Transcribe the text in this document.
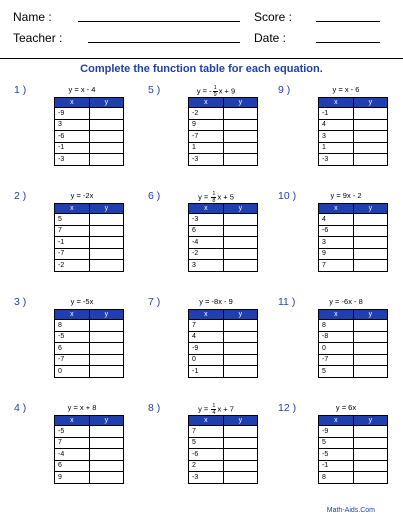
Name :	Score :
Teacher :	Date :
Complete the function table for each equation.
1 )	y = x - 4
x	y
-9	
3	
-6	
-1	
-3	
2 )	y = -2x
x	y
5	
7	
-1	
-7	
-2	
3 )	y = -5x
x	y
8	
-5	
6	
-7	
0	
4 )	y = x + 8
x	y
-5	
7	
-4	
6	
9	
5 )	y = - $\frac{1}{9}$ x + 9
x	y
-2	
9	
-7	
1	
-3	
6 )	$y = \frac{1}{8}$ x + 5
x	y
-3	
6	
-4	
-2	
3	
7 )	y = -8x - 9
x	y
7	
4	
-9	
0	
-1	
8 )	$y = \frac{1}{4}$ x + 7
x	y
7	
5	
-6	
2	
-3	
9 )	y = x - 6
x	y
-1	
4	
3	
1	
-3	
10 )	y = 9x - 2
x	y
4	
-6	
3	
9	
7	
11 )	y = -6x - 8
x	y
8	
-8	
0	
-7	
5	
12 )	y = 6x
x	y
-9	
5	
-5	
-1	
8	
Math-Aids.Com
